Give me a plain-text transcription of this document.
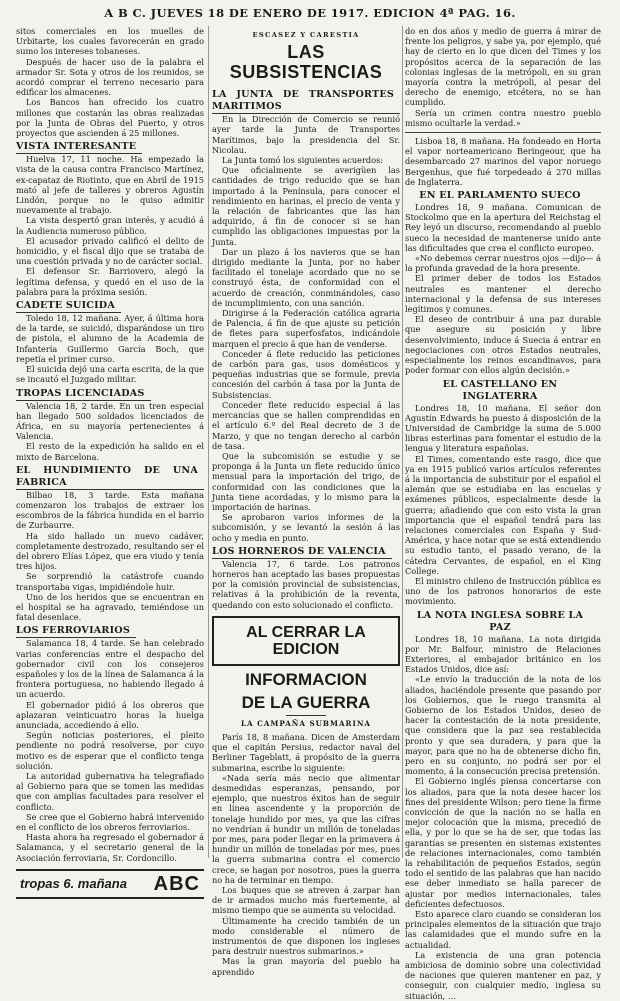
A B C. JUEVES 18 DE ENERO DE 1917. EDICION 4ª PAG. 16.

sitos comerciales en los muelles de Urbitarte, los cuales favorecerán en grado sumo los intereses tobaneses.

Después de hacer uso de la palabra el armador Sr. Sota y otros de los reunidos, se acordó comprar el terreno necesario para edificar los almacenes.

Los Bancos han ofrecido los cuatro millones que costarán las obras realizadas por la Junta de Obras del Puerto, y otros proyectos que ascienden á 25 millones.

VISTA INTERESANTE

Huelva 17, 11 noche. Ha empezado la vista de la causa contra Francisco Martínez, ex-capataz de Riotinto, que en Abril de 1915 mató al jefe de talleres y obreros Agustín Lindón, porque no le quiso admitir nuevamente al trabajo.

La vista despertó gran interés, y acudió á la Audiencia numeroso público.

El acusador privado calificó el delito de homicidio, y el fiscal dijo que se trataba de una cuestión privada y no de carácter social.

El defensor Sr. Barriovero, alegó la legítima defensa, y quedó en el uso de la palabra para la próxima sesión.

CADETE SUICIDA

Toledo 18, 12 mañana. Ayer, á última hora de la tarde, se suicidó, disparándose un tiro de pistola, el alumno de la Academia de Infantería Guillermo García Boch, que repetía el primer curso.

El suicida dejó una carta escrita, de la que se incautó el Juzgado militar.

TROPAS LICENCIADAS

Valencia 18, 2 tarde. En un tren especial han llegado 500 soldados licenciados de África, en su mayoría pertenecientes á Valencia.

El resto de la expedición ha salido en el mixto de Barcelona.

EL HUNDIMIENTO DE UNA FABRICA

Bilbao 18, 3 tarde. Esta mañana comenzaron los trabajos de extraer los escombros de la fábrica hundida en el barrio de Zurbaurre.

Ha sido hallado un nuevo cadáver, completamente destrozado, resultando ser el del obrero Elías López, que era viudo y tenía tres hijos.

Se sorprendió la catástrofe cuando transportaba vigas, impidiéndole huir.

Uno de los heridos que se encuentran en el hospital se ha agravado, temiéndose un fatal desenlace.

LOS FERROVIARIOS

Salamanca 18, 4 tarde. Se han celebrado varias conferencias entre el despacho del gobernador civil con los consejeros españoles y los de la línea de Salamanca á la frontera portuguesa, no habiendo llegado á un acuerdo.

El gobernador pidió á los obreros que aplazaran veinticuatro horas la huelga anunciada, accediendo á ello.

Según noticias posteriores, el pleito pendiente no podrá resolverse, por cuyo motivo es de esperar que el conflicto tenga solución.

La autoridad gubernativa ha telegrafiado al Gobierno para que se tomen las medidas que con amplias facultades para resolver el conflicto.

Se cree que el Gobierno habrá intervenido en el conflicto de los obreros ferroviarios.

Hasta ahora ha regresado el gobernador á Salamanca, y el secretario general de la Asociación ferroviaria, Sr. Cordoncillo.

tropas 6. mañana ABC
ESCASEZ Y CARESTIA
LAS SUBSISTENCIAS
LA JUNTA DE TRANSPORTES MARITIMOS

En la Dirección de Comercio se reunió ayer tarde la Junta de Transportes Marítimos, bajo la presidencia del Sr. Nicolau.

La Junta tomó los siguientes acuerdos:

Que oficialmente se averigüen las cantidades de trigo reducido que se han importado á la Península, para conocer el rendimiento en harinas, el precio de venta y la relación de fabricantes que las han adquirido, á fin de conocer si se han cumplido las obligaciones impuestas por la Junta.

Dar un plazo á los navieros que se han dirigido mediante la Junta, por no haber facilitado el tonelaje acordado que no se construyó ésta, de conformidad con el acuerdo de creación, conminándoles, caso de incumplimiento, con una sanción.

Dirigirse á la Federación católica agraria de Palencia, á fin de que ajuste su petición de fletes para superfosfatos, indicándole marquen el precio á que han de venderse.

Conceder á flete reducido las peticiones de carbón para gas, usos domésticos y pequeñas industrias que se formule, previa concesión del carbón á tasa por la Junta de Subsistencias.

Conceder flete reducido especial á las mercancías que se hallen comprendidas en el artículo 6.º del Real decreto de 3 de Marzo, y que no tengan derecho al carbón de tasa.

Que la subcomisión se estudie y se proponga á la Junta un flete reducido único mensual para la importación del trigo, de conformidad con las condiciones que la Junta tiene acordadas, y lo mismo para la importación de harinas.

Se aprobaron varios informes de la subcomisión, y se levantó la sesión á las ocho y media en punto.

LOS HORNEROS DE VALENCIA

Valencia 17, 6 tarde. Los patronos horneros han aceptado las bases propuestas por la comisión provincial de subsistencias, relativas á la prohibición de la reventa, quedando con esto solucionado el conflicto.

AL CERRAR LA EDICION
INFORMACION
DE LA GUERRA
LA CAMPAÑA SUBMARINA

París 18, 8 mañana. Dicen de Amsterdam que el capitán Persius, redactor naval del Berliner Tageblatt, á propósito de la guerra submarina, escribe lo siguiente:

«Nada sería más necio que alimentar desmedidas esperanzas, pensando, por ejemplo, que nuestros éxitos han de seguir en línea ascendente y la proporción de tonelaje hundido por mes, ya que las cifras no vendrían á hundir un millón de toneladas por mes, para poder llegar en la primavera á hundir un millón de toneladas por mes, pues la guerra submarina contra el comercio crece, se hagan por nosotros, pues la guerra no ha de terminar en tiempo.

Los buques que se atreven á zarpar han de ir armados mucho más fuertemente, al mismo tiempo que se aumenta su velocidad.

Últimamente ha crecido también de un modo considerable el número de instrumentos de que disponen los ingleses para destruir nuestros submarinos.»

Mas la gran mayoría del pueblo ha aprendido

do en dos años y medio de guerra á mirar de frente los peligros, y sabe ya, por ejemplo, qué hay de cierto en lo que dicen del Times y los propósitos acerca de la separación de las colonias inglesas de la metrópoli, en su gran mayoría contra la metrópoli, al pesar del derecho de enemigo, etcétera, no se han cumplido.

Sería un crimen contra nuestro pueblo mismo ocultarle la verdad.»

Lisboa 18, 8 mañana. Ha fondeado en Horta el vapor norteamericano Beringeour, que ha desembarcado 27 marinos del vapor noruego Bergenhus, que fué torpedeado á 270 millas de Inglaterra.

EN EL PARLAMENTO SUECO

Londres 18, 9 mañana. Comunican de Stockolmo que en la apertura del Reichstag el Rey leyó un discurso, recomendando al pueblo sueco la necesidad de mantenerse unido ante las dificultades que crea el conflicto europeo.

«No debemos cerrar nuestros ojos —dijo— á la profunda gravedad de la hora presente.

El primer deber de todos los Estados neutrales es mantener el derecho internacional y la defensa de sus intereses legítimos y comunes.

El deseo de contribuir á una paz durable que asegure su posición y libre desenvolvimiento, induce á Suecia á entrar en negociaciones con otros Estados neutrales, especialmente los reinos escandinavos, para poder formar con ellos algún decisión.»

EL CASTELLANO EN INGLATERRA

Londres 18, 10 mañana. El señor don Agustín Edwards ha puesto á disposición de la Universidad de Cambridge la suma de 5.000 libras esterlinas para fomentar el estudio de la lengua y literatura españolas.

El Times, comentando este rasgo, dice que ya en 1915 publicó varios artículos referentes á la importancia de substituir por el español el alemán que se estudiaba en las escuelas y exámenes públicos, especialmente desde la guerra; añadiendo que con esto vista la gran importancia que el español tendrá para las relaciones comerciales con España y Sud-América, y hace notar que se está extendiendo su estudio tanto, el pasado verano, de la cátedra Cervantes, de español, en el King College.

El ministro chileno de Instrucción pública es uno de los patronos honorarios de este movimiento.

LA NOTA INGLESA SOBRE LA PAZ

Londres 18, 10 mañana. La nota dirigida por Mr. Balfour, ministro de Relaciones Exteriores, al embajador británico en los Estados Unidos, dice así:

«Le envío la traducción de la nota de los aliados, haciéndole presente que pasando por los Gobiernos, que le ruego transmita al Gobierno de los Estados Unidos, deseo de hacer la contestación de la nota presidente, que considera que la paz sea restablecida pronto y que sea duradera, y para que la mayor, para que no ha de obtenerse dicho fin, pero en su conjunto, no podrá ser por el momento, á la consecución precisa pretensión.

El Gobierno inglés piensa concertarse con los aliados, para que la nota desee hacer los fines del presidente Wilson; pero tiene la firme convicción de que la nación no se halla en mejor colocación que la misma, precedió de ella, y por lo que se ha de ser, que todas las garantías se presenten en sistemas existentes de relaciones internacionales, como también la rehabilitación de pequeños Estados, según todo el sentido de las palabras que han nacido ese deber inmediato se halla parecer de ajustar por medios internacionales, tales deficientes defectuosos.

Esto aparece claro cuando se consideran los principales elementos de la situación que trajo las calamidades que el mundo sufre en la actualidad.

La existencia de una gran potencia ambiciosa de dominio sobre una colectividad de naciones que quieren mantener en paz, y conseguir, con cualquier medio, inglesa su situación, ...
